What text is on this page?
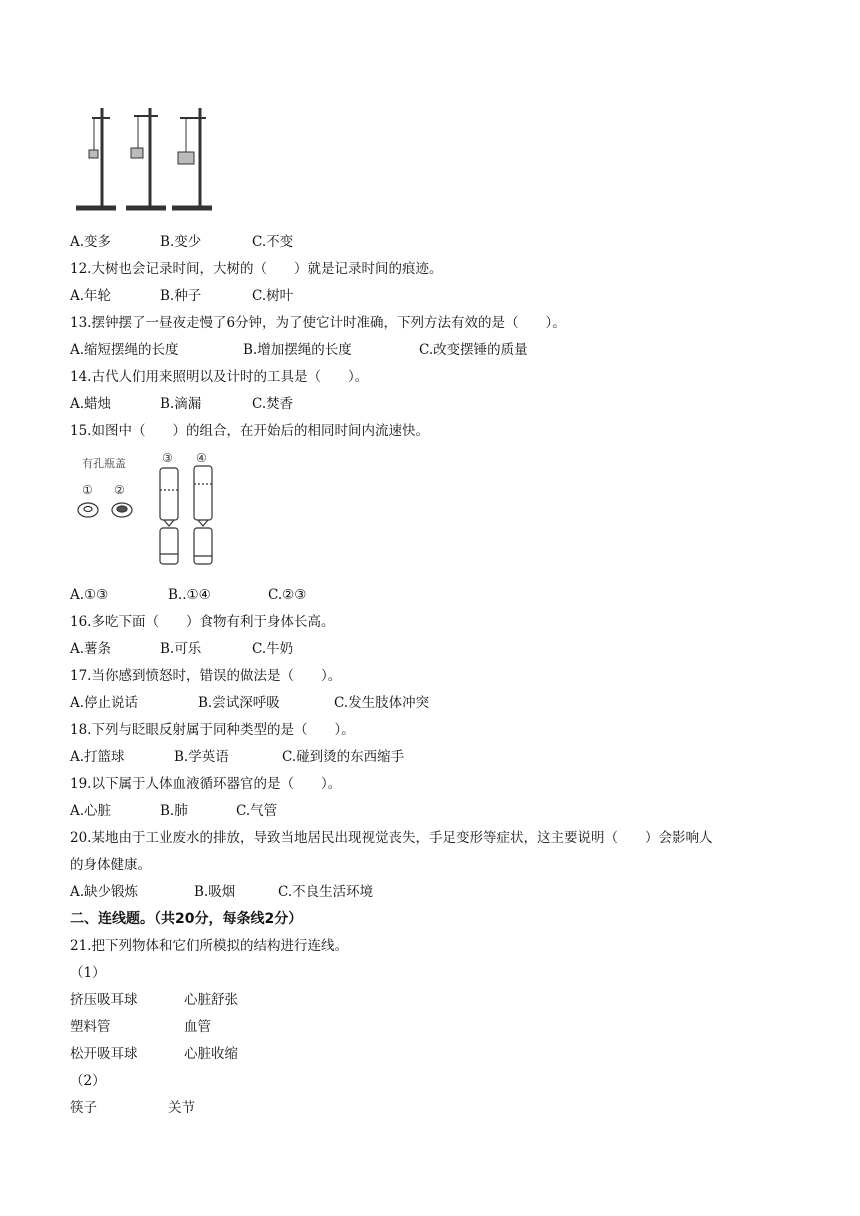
A.变多	B.变少	C.不变
12.大树也会记录时间，大树的（　　）就是记录时间的痕迹。
A.年轮	B.种子	C.树叶
13.摆钟摆了一昼夜走慢了6分钟，为了使它计时准确，下列方法有效的是（　　）。
A.缩短摆绳的长度	B.增加摆绳的长度	C.改变摆锤的质量
14.古代人们用来照明以及计时的工具是（　　）。
A.蜡烛	B.滴漏	C.焚香
15.如图中（　　）的组合，在开始后的相同时间内流速快。
有孔瓶盖
① ②
③ ④
A.①③	B..①④	C.②③
16.多吃下面（　　）食物有利于身体长高。
A.薯条	B.可乐	C.牛奶
17.当你感到愤怒时，错误的做法是（　　）。
A.停止说话	B.尝试深呼吸	C.发生肢体冲突
18.下列与眨眼反射属于同种类型的是（　　）。
A.打篮球	B.学英语	C.碰到烫的东西缩手
19.以下属于人体血液循环器官的是（　　）。
A.心脏	B.肺	C.气管
20.某地由于工业废水的排放，导致当地居民出现视觉丧失，手足变形等症状，这主要说明（　　）会影响人
的身体健康。
A.缺少锻炼	B.吸烟	C.不良生活环境
二、连线题。（共20分，每条线2分）
21.把下列物体和它们所模拟的结构进行连线。
（1）
挤压吸耳球	心脏舒张
塑料管	血管
松开吸耳球	心脏收缩
（2）
筷子	关节
